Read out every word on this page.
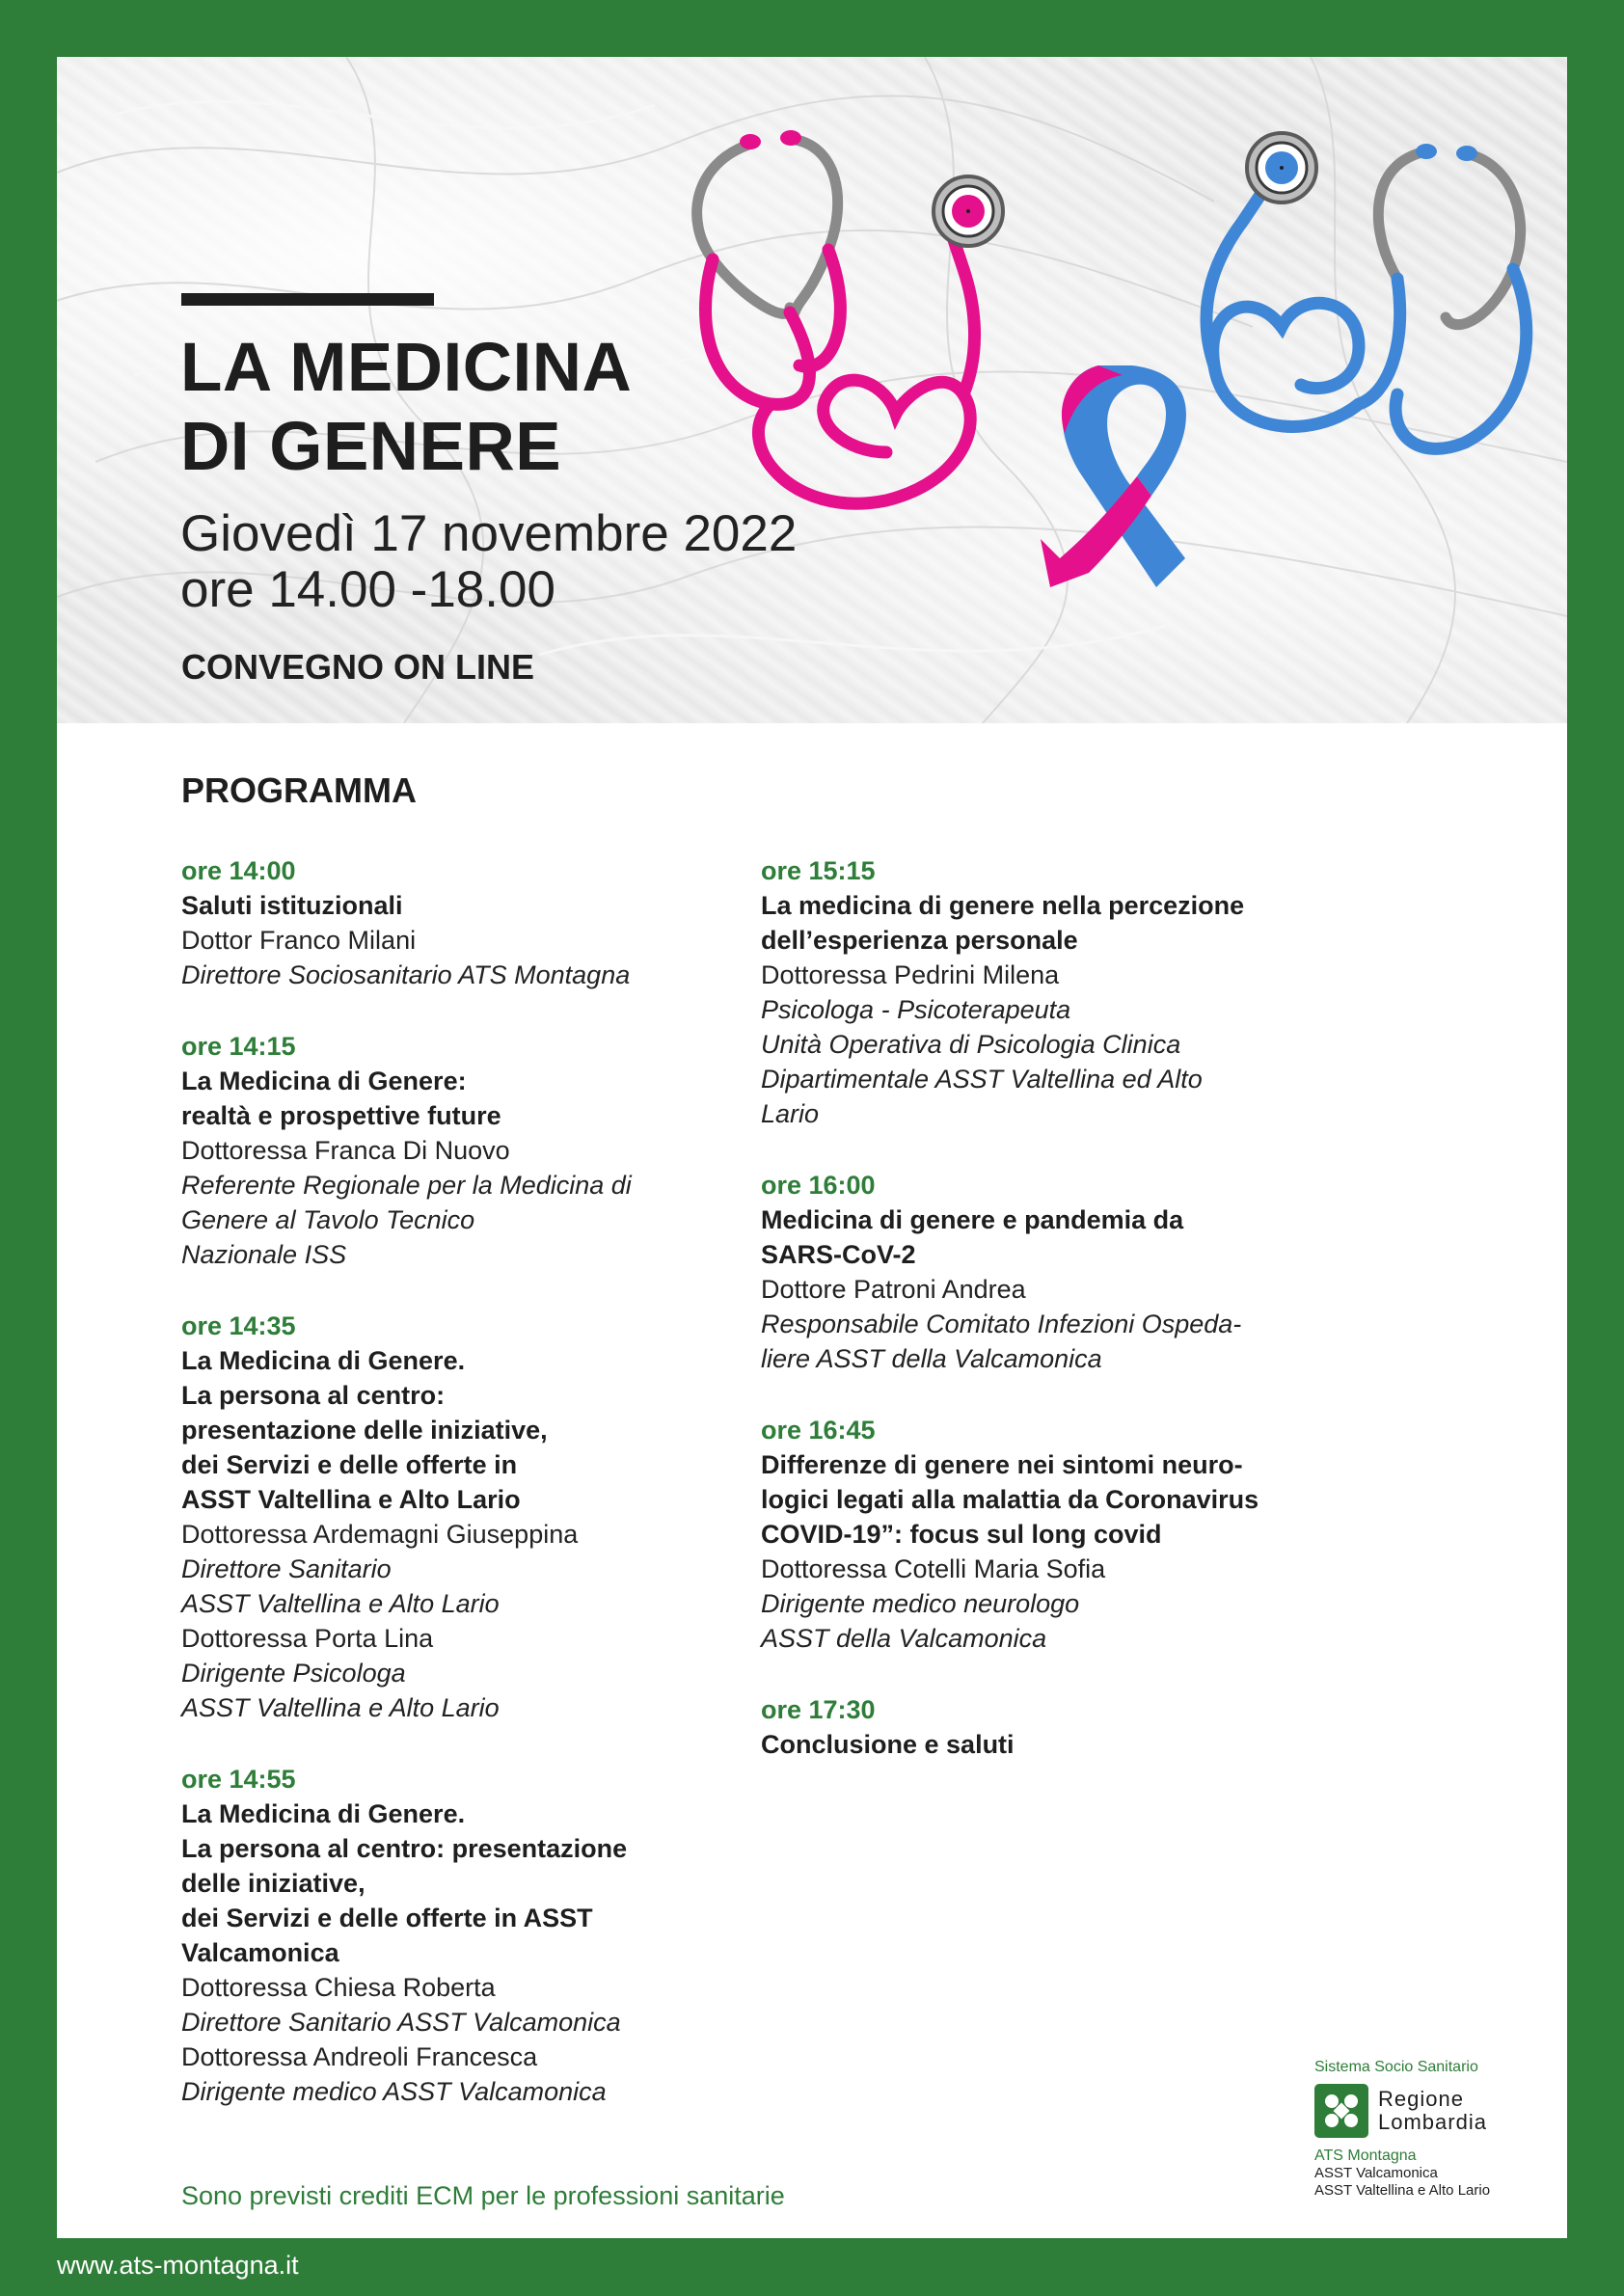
LA MEDICINA
DI GENERE
Giovedì 17 novembre 2022
ore 14.00 -18.00
CONVEGNO ON LINE
PROGRAMMA
ore 14:00
Saluti istituzionali
Dottor Franco Milani
Direttore Sociosanitario ATS Montagna
ore 14:15
La Medicina di Genere:
realtà e prospettive future
Dottoressa Franca Di Nuovo
Referente Regionale per la Medicina di
Genere al Tavolo Tecnico
Nazionale ISS
ore 14:35
La Medicina di Genere.
La persona al centro:
presentazione delle iniziative,
dei Servizi e delle offerte in
ASST Valtellina e Alto Lario
Dottoressa Ardemagni Giuseppina
Direttore Sanitario
ASST Valtellina e Alto Lario
Dottoressa Porta Lina
Dirigente Psicologa
ASST Valtellina e Alto Lario
ore 14:55
La Medicina di Genere.
La persona al centro: presentazione
delle iniziative,
dei Servizi e delle offerte in ASST
Valcamonica
Dottoressa Chiesa Roberta
Direttore Sanitario ASST Valcamonica
Dottoressa Andreoli Francesca
Dirigente medico ASST Valcamonica
ore 15:15
La medicina di genere nella percezione
dell’esperienza personale
Dottoressa Pedrini Milena
Psicologa - Psicoterapeuta
Unità Operativa di Psicologia Clinica
Dipartimentale ASST Valtellina ed Alto
Lario
ore 16:00
Medicina di genere e pandemia da
SARS-CoV-2
Dottore Patroni Andrea
Responsabile Comitato Infezioni Ospeda-
liere ASST della Valcamonica
ore 16:45
Differenze di genere nei sintomi neuro-
logici legati alla malattia da Coronavirus
COVID-19”: focus sul long covid
Dottoressa Cotelli Maria Sofia
Dirigente medico neurologo
ASST della Valcamonica
ore 17:30
Conclusione e saluti
Sono previsti crediti ECM per le professioni sanitarie
Sistema Socio Sanitario
Regione
Lombardia
ATS Montagna
ASST Valcamonica
ASST Valtellina e Alto Lario
www.ats-montagna.it
